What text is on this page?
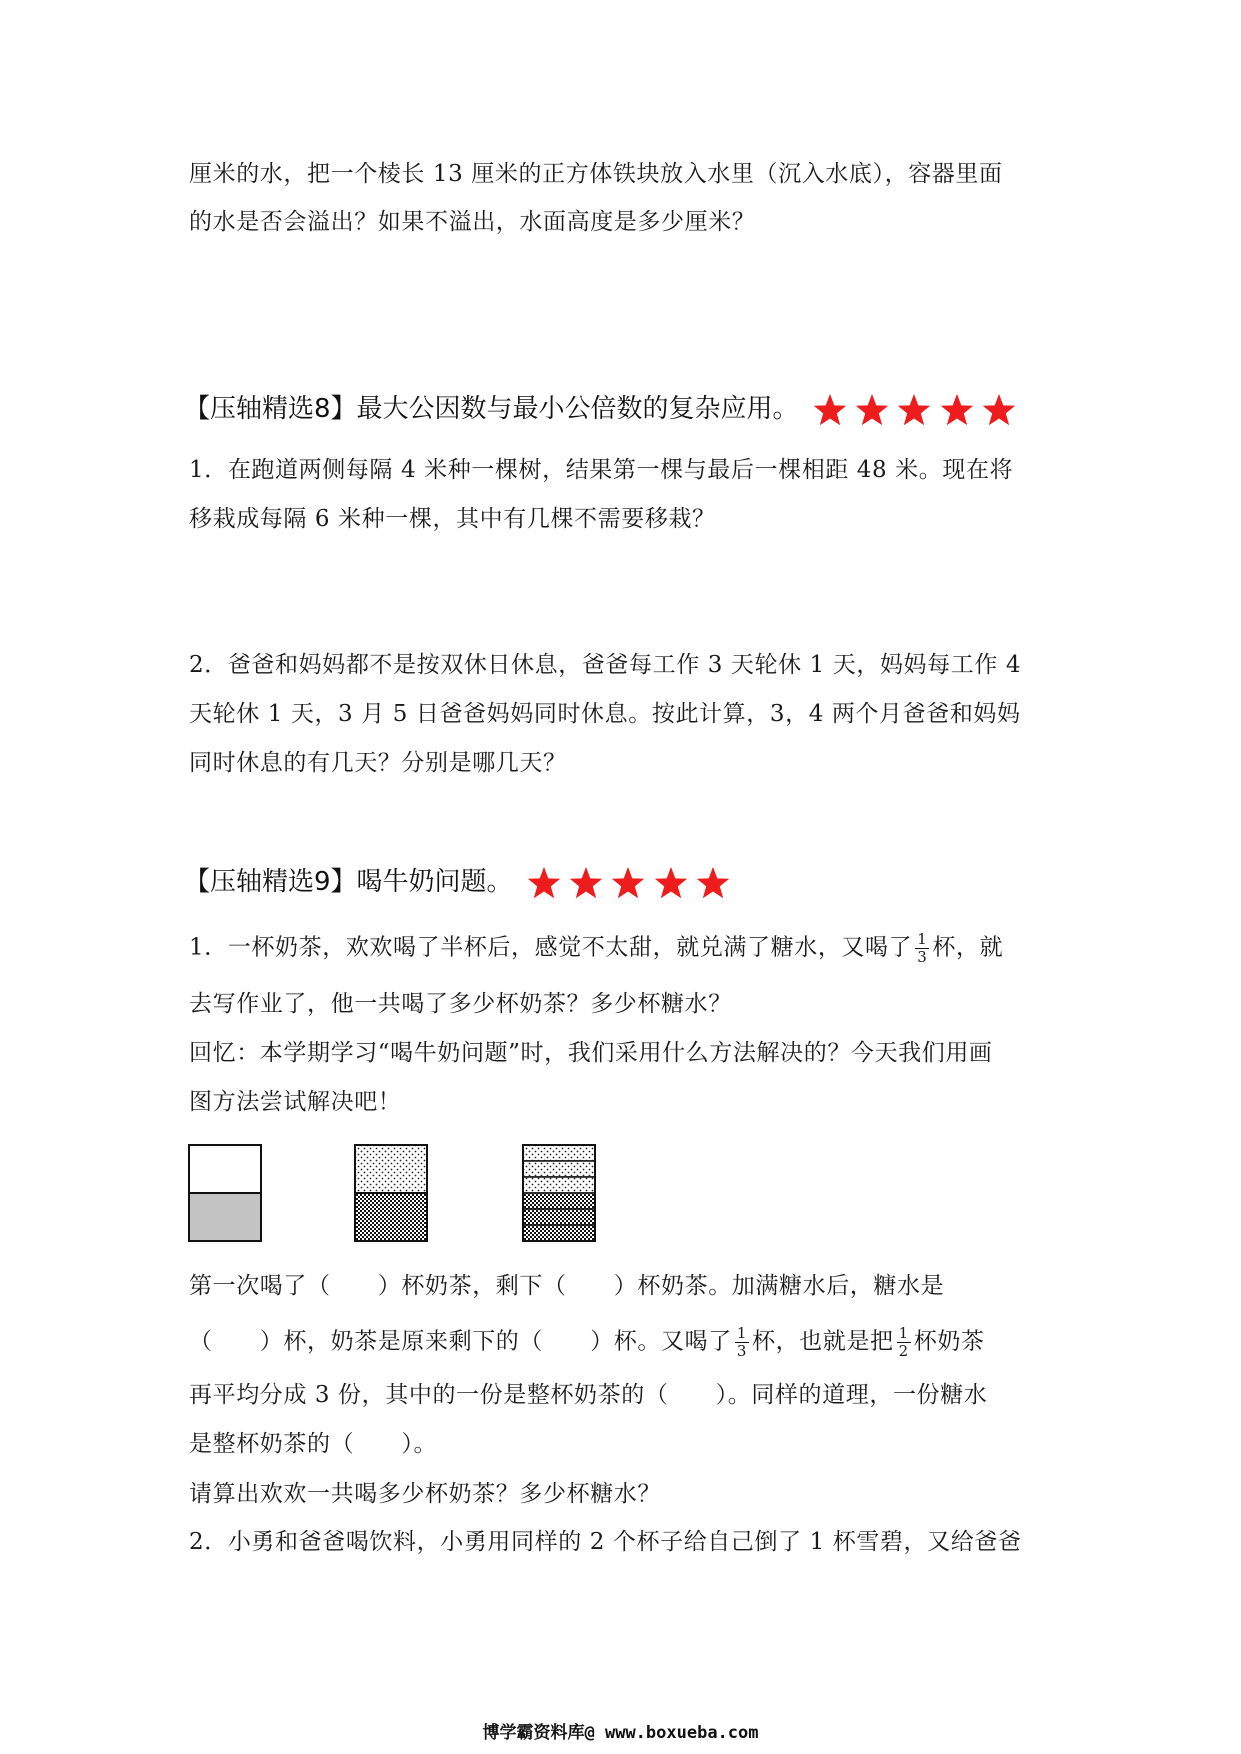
厘米的水，把一个棱长 13 厘米的正方体铁块放入水里（沉入水底），容器里面
的水是否会溢出？如果不溢出，水面高度是多少厘米？
【压轴精选8】最大公因数与最小公倍数的复杂应用。
1．在跑道两侧每隔 4 米种一棵树，结果第一棵与最后一棵相距 48 米。现在将
移栽成每隔 6 米种一棵，其中有几棵不需要移栽？
2．爸爸和妈妈都不是按双休日休息，爸爸每工作 3 天轮休 1 天，妈妈每工作 4
天轮休 1 天，3 月 5 日爸爸妈妈同时休息。按此计算，3，4 两个月爸爸和妈妈
同时休息的有几天？分别是哪几天？
【压轴精选9】喝牛奶问题。
1．一杯奶茶，欢欢喝了半杯后，感觉不太甜，就兑满了糖水，又喝了 $\frac{1}{3}$ 杯，就
去写作业了，他一共喝了多少杯奶茶？多少杯糖水？
回忆：本学期学习“喝牛奶问题”时，我们采用什么方法解决的？今天我们用画
图方法尝试解决吧！
第一次喝了（　　）杯奶茶，剩下（　　）杯奶茶。加满糖水后，糖水是
（　　）杯，奶茶是原来剩下的（　　）杯。又喝了 $\frac{1}{3}$ 杯，也就是把 $\frac{1}{2}$ 杯奶茶
再平均分成 3 份，其中的一份是整杯奶茶的（　　）。同样的道理，一份糖水
是整杯奶茶的（　　）。
请算出欢欢一共喝多少杯奶茶？多少杯糖水？
2．小勇和爸爸喝饮料，小勇用同样的 2 个杯子给自己倒了 1 杯雪碧，又给爸爸
博学霸资料库@ www.boxueba.com
